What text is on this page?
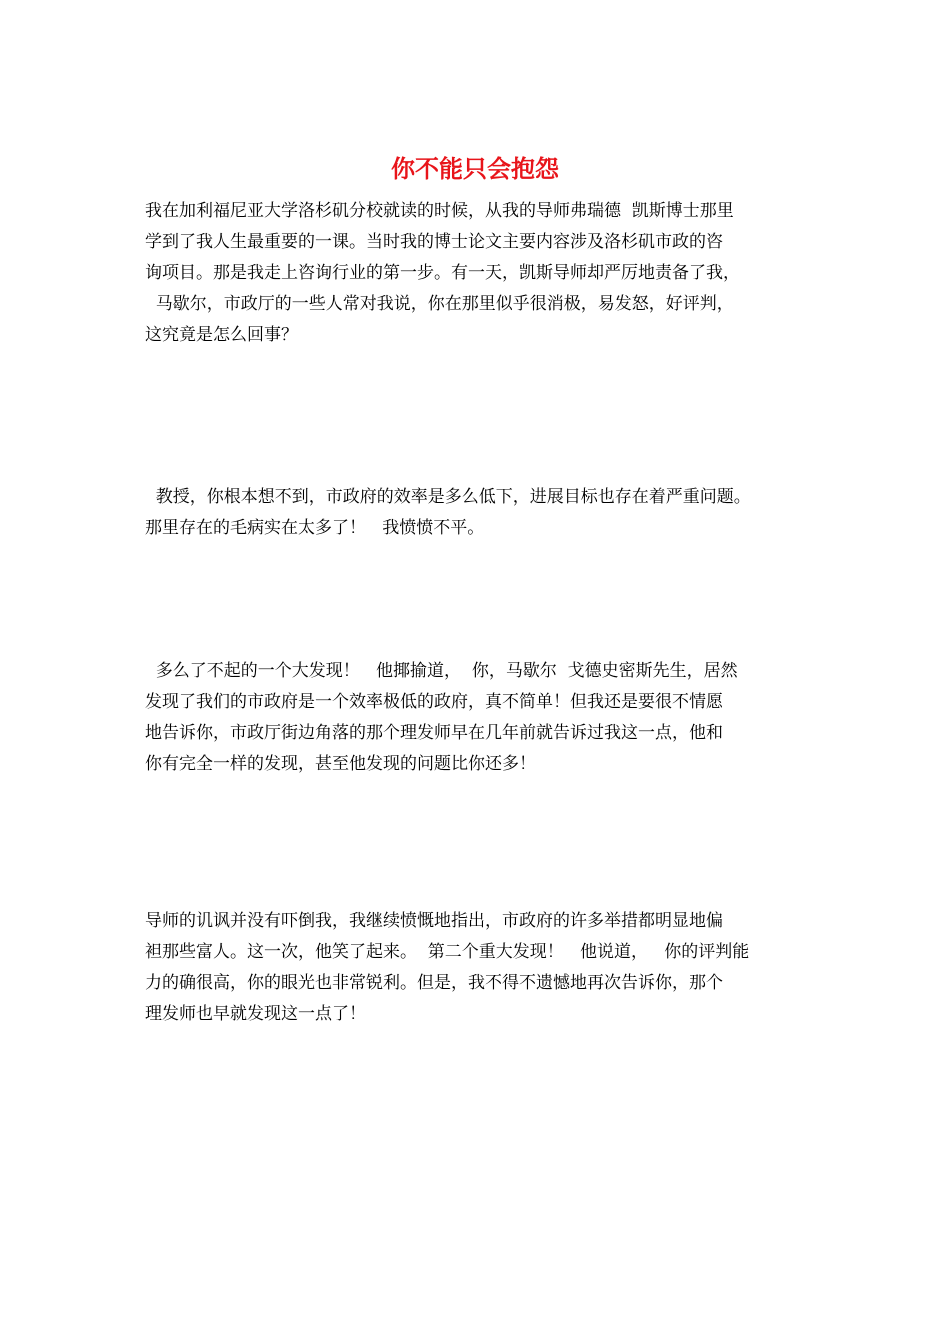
你不能只会抱怨
我在加利福尼亚大学洛杉矶分校就读的时候，从我的导师弗瑞德  凯斯博士那里
学到了我人生最重要的一课。当时我的博士论文主要内容涉及洛杉矶市政的咨
询项目。那是我走上咨询行业的第一步。有一天，凯斯导师却严厉地责备了我，
马歇尔，市政厅的一些人常对我说，你在那里似乎很消极，易发怒，好评判，
这究竟是怎么回事？
教授，你根本想不到，市政府的效率是多么低下，进展目标也存在着严重问题。
那里存在的毛病实在太多了！   我愤愤不平。
多么了不起的一个大发现！   他揶揄道，  你，马歇尔  戈德史密斯先生，居然
发现了我们的市政府是一个效率极低的政府，真不简单！但我还是要很不情愿
地告诉你，市政厅街边角落的那个理发师早在几年前就告诉过我这一点，他和
你有完全一样的发现，甚至他发现的问题比你还多！
导师的讥讽并没有吓倒我，我继续愤慨地指出，市政府的许多举措都明显地偏
袒那些富人。这一次，他笑了起来。  第二个重大发现！   他说道，   你的评判能
力的确很高，你的眼光也非常锐利。但是，我不得不遗憾地再次告诉你，那个
理发师也早就发现这一点了！
